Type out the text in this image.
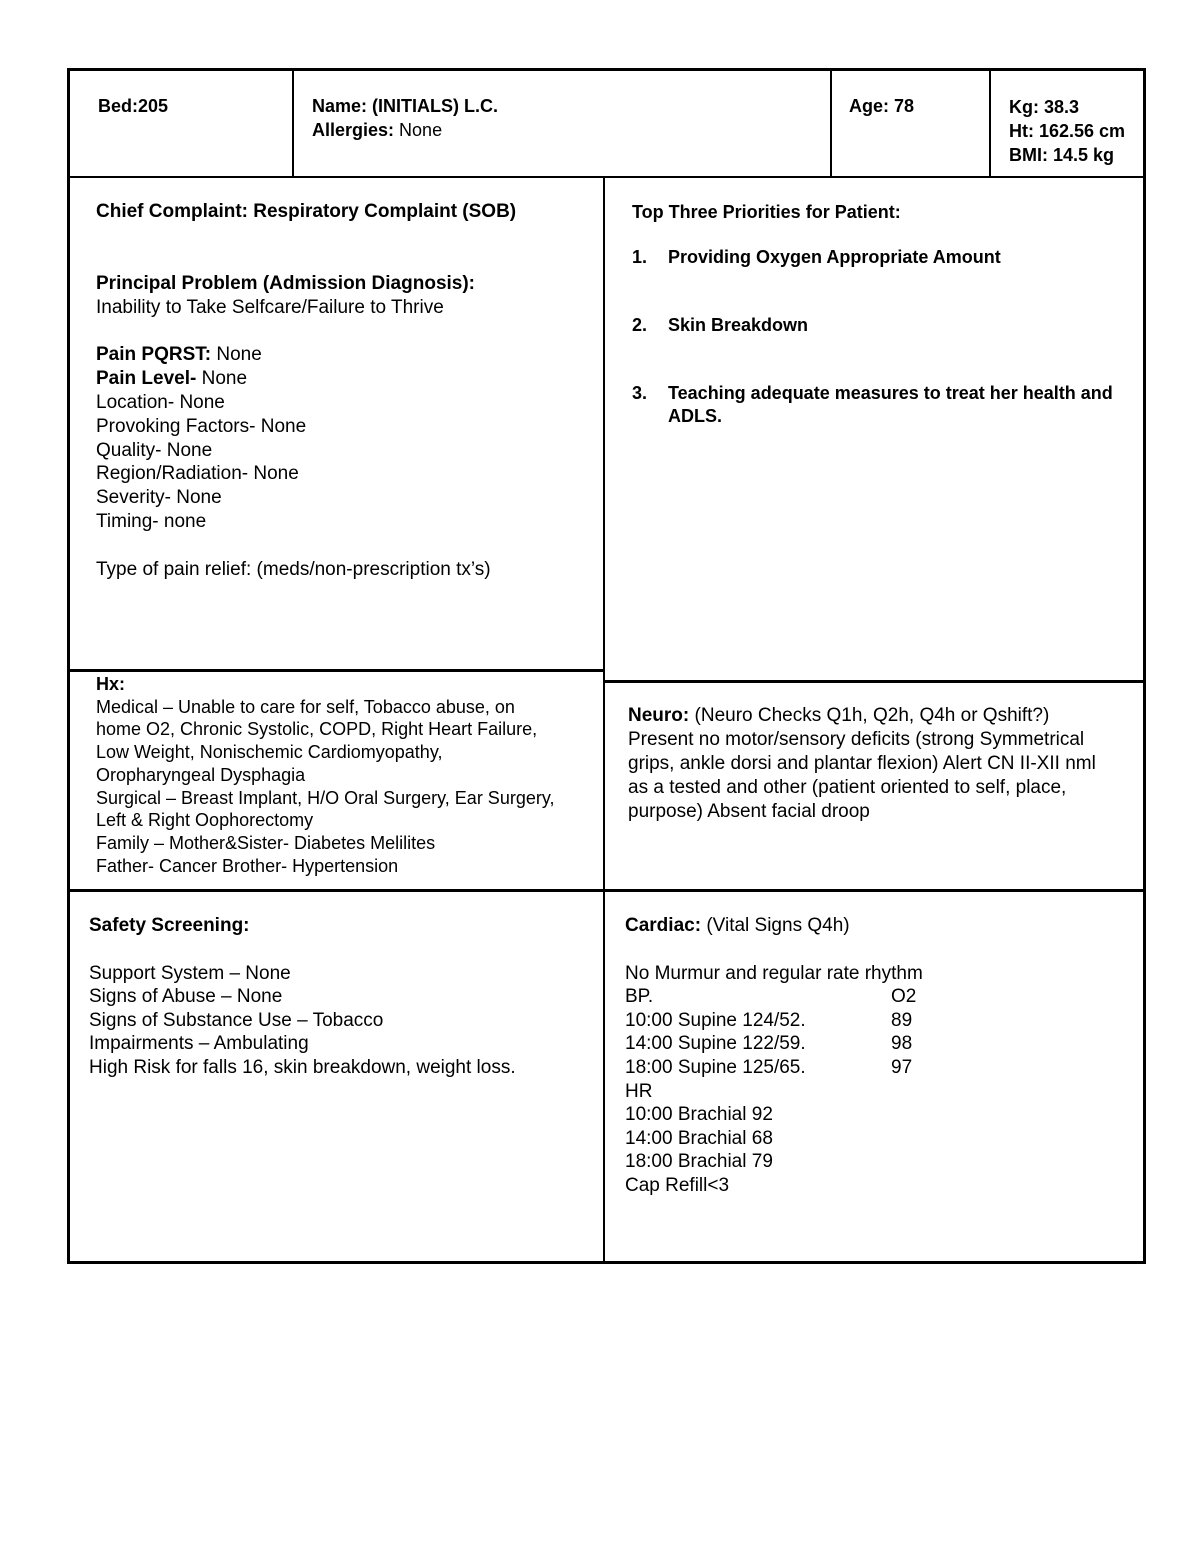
Bed:205	Name: (INITIALS) L.C.
Allergies: None
Age: 78	Kg: 38.3
Ht: 162.56 cm
BMI: 14.5 kg
Chief Complaint: Respiratory Complaint (SOB)
Principal Problem (Admission Diagnosis):
Inability to Take Selfcare/Failure to Thrive
Pain PQRST: None
Pain Level- None
Location- None
Provoking Factors- None
Quality- None
Region/Radiation- None
Severity- None
Timing- none
Type of pain relief: (meds/non-prescription tx’s)
Top Three Priorities for Patient:
1. Providing Oxygen Appropriate Amount
2. Skin Breakdown
3. Teaching adequate measures to treat her health and ADLS.
Hx:
Medical – Unable to care for self, Tobacco abuse, on
home O2, Chronic Systolic, COPD, Right Heart Failure,
Low Weight, Nonischemic Cardiomyopathy,
Oropharyngeal Dysphagia
Surgical – Breast Implant, H/O Oral Surgery, Ear Surgery,
Left & Right Oophorectomy
Family – Mother&Sister- Diabetes Melilites
Father- Cancer Brother- Hypertension
Neuro: (Neuro Checks Q1h, Q2h, Q4h or Qshift?)
Present no motor/sensory deficits (strong Symmetrical
grips, ankle dorsi and plantar flexion) Alert CN II-XII nml
as a tested and other (patient oriented to self, place,
purpose) Absent facial droop
Safety Screening:
Support System – None
Signs of Abuse – None
Signs of Substance Use – Tobacco
Impairments – Ambulating
High Risk for falls 16, skin breakdown, weight loss.
Cardiac: (Vital Signs Q4h)
No Murmur and regular rate rhythm
BP.	O2
10:00 Supine 124/52.	89
14:00 Supine 122/59.	98
18:00 Supine 125/65.	97
HR
10:00 Brachial 92
14:00 Brachial 68
18:00 Brachial 79
Cap Refill<3
